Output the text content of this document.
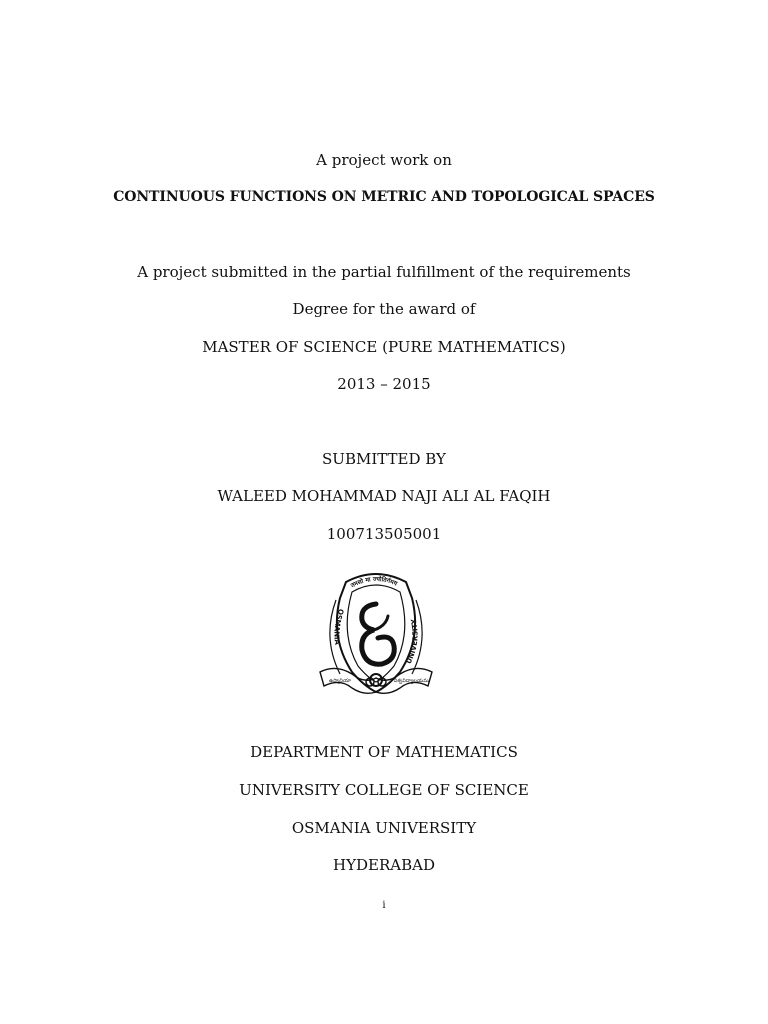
A project work on
CONTINUOUS FUNCTIONS ON METRIC AND TOPOLOGICAL SPACES
A project submitted in the partial fulfillment of the requirements
Degree for the award of
MASTER OF SCIENCE (PURE MATHEMATICS)
2013 – 2015
SUBMITTED BY
WALEED MOHAMMAD NAJI ALI AL FAQIH
100713505001
तमसो मा ज्योतिर्गमय
OSMANIA
UNIVERSITY
ఉస్మానియా	విశ్వవిద్యాలయము
DEPARTMENT OF MATHEMATICS
UNIVERSITY COLLEGE OF SCIENCE
OSMANIA UNIVERSITY
HYDERABAD
i
